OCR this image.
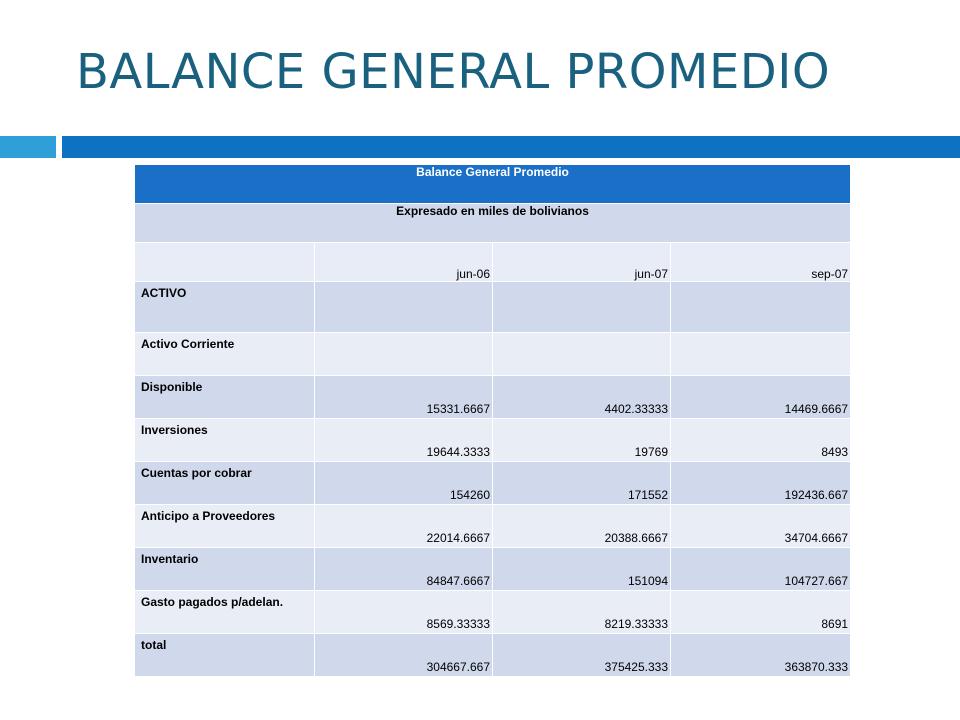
BALANCE GENERAL PROMEDIO
Balance General Promedio			
Expresado en miles de bolivianos			
	jun-06	jun-07	sep-07
ACTIVO			
Activo Corriente			
Disponible	15331.6667	4402.33333	14469.6667
Inversiones	19644.3333	19769	8493
Cuentas por cobrar	154260	171552	192436.667
Anticipo a Proveedores	22014.6667	20388.6667	34704.6667
Inventario	84847.6667	151094	104727.667
Gasto pagados p/adelan.	8569.33333	8219.33333	8691
total	304667.667	375425.333	363870.333
